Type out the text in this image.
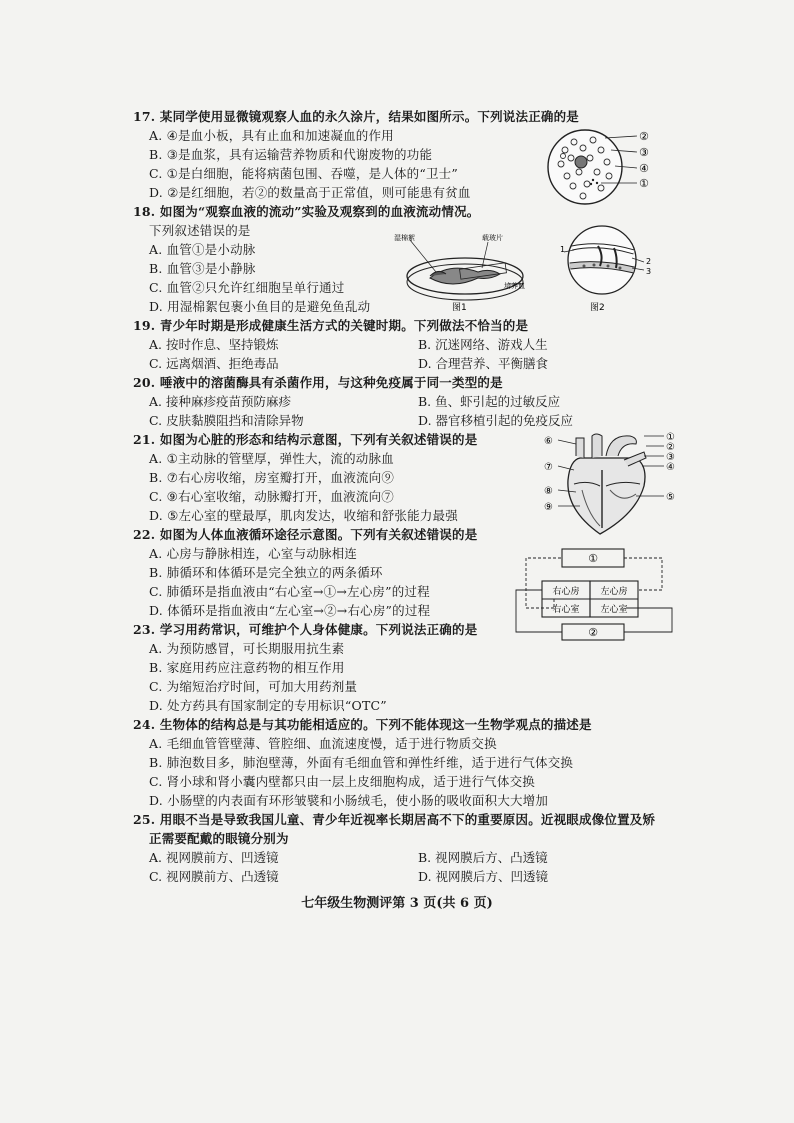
17. 某同学使用显微镜观察人血的永久涂片，结果如图所示。下列说法正确的是
A. ④是血小板，具有止血和加速凝血的作用
B. ③是血浆，具有运输营养物质和代谢废物的功能
C. ①是白细胞，能将病菌包围、吞噬，是人体的“卫士”
D. ②是红细胞，若②的数量高于正常值，则可能患有贫血
②
③
④
①
18. 如图为“观察血液的流动”实验及观察到的血液流动情况。
下列叙述错误的是
A. 血管①是小动脉
B. 血管③是小静脉
C. 血管②只允许红细胞呈单行通过
D. 用湿棉絮包裹小鱼目的是避免鱼乱动
湿棉絮	载玻片
培养皿
图1
1
2
3
图2
19. 青少年时期是形成健康生活方式的关键时期。下列做法不恰当的是
A. 按时作息、坚持锻炼	B. 沉迷网络、游戏人生
C. 远离烟酒、拒绝毒品	D. 合理营养、平衡膳食
20. 唾液中的溶菌酶具有杀菌作用，与这种免疫属于同一类型的是
A. 接种麻疹疫苗预防麻疹	B. 鱼、虾引起的过敏反应
C. 皮肤黏膜阻挡和清除异物	D. 器官移植引起的免疫反应
21. 如图为心脏的形态和结构示意图，下列有关叙述错误的是
A. ①主动脉的管壁厚，弹性大，流的动脉血
B. ⑦右心房收缩，房室瓣打开，血液流向⑨
C. ⑨右心室收缩，动脉瓣打开，血液流向⑦
D. ⑤左心室的壁最厚，肌肉发达，收缩和舒张能力最强
⑥
⑦
⑧
⑨
①
②
③
④
⑤
22. 如图为人体血液循环途径示意图。下列有关叙述错误的是
A. 心房与静脉相连，心室与动脉相连
B. 肺循环和体循环是完全独立的两条循环
C. 肺循环是指血液由“右心室→①→左心房”的过程
D. 体循环是指血液由“左心室→②→右心房”的过程
①
右心房 左心房
右心室 左心室
②
23. 学习用药常识，可维护个人身体健康。下列说法正确的是
A. 为预防感冒，可长期服用抗生素
B. 家庭用药应注意药物的相互作用
C. 为缩短治疗时间，可加大用药剂量
D. 处方药具有国家制定的专用标识“OTC”
24. 生物体的结构总是与其功能相适应的。下列不能体现这一生物学观点的描述是
A. 毛细血管管壁薄、管腔细、血流速度慢，适于进行物质交换
B. 肺泡数目多，肺泡壁薄，外面有毛细血管和弹性纤维，适于进行气体交换
C. 肾小球和肾小囊内壁都只由一层上皮细胞构成，适于进行气体交换
D. 小肠壁的内表面有环形皱襞和小肠绒毛，使小肠的吸收面积大大增加
25. 用眼不当是导致我国儿童、青少年近视率长期居高不下的重要原因。近视眼成像位置及矫
正需要配戴的眼镜分别为
A. 视网膜前方、凹透镜	B. 视网膜后方、凸透镜
C. 视网膜前方、凸透镜	D. 视网膜后方、凹透镜
七年级生物测评第 3 页(共 6 页)
